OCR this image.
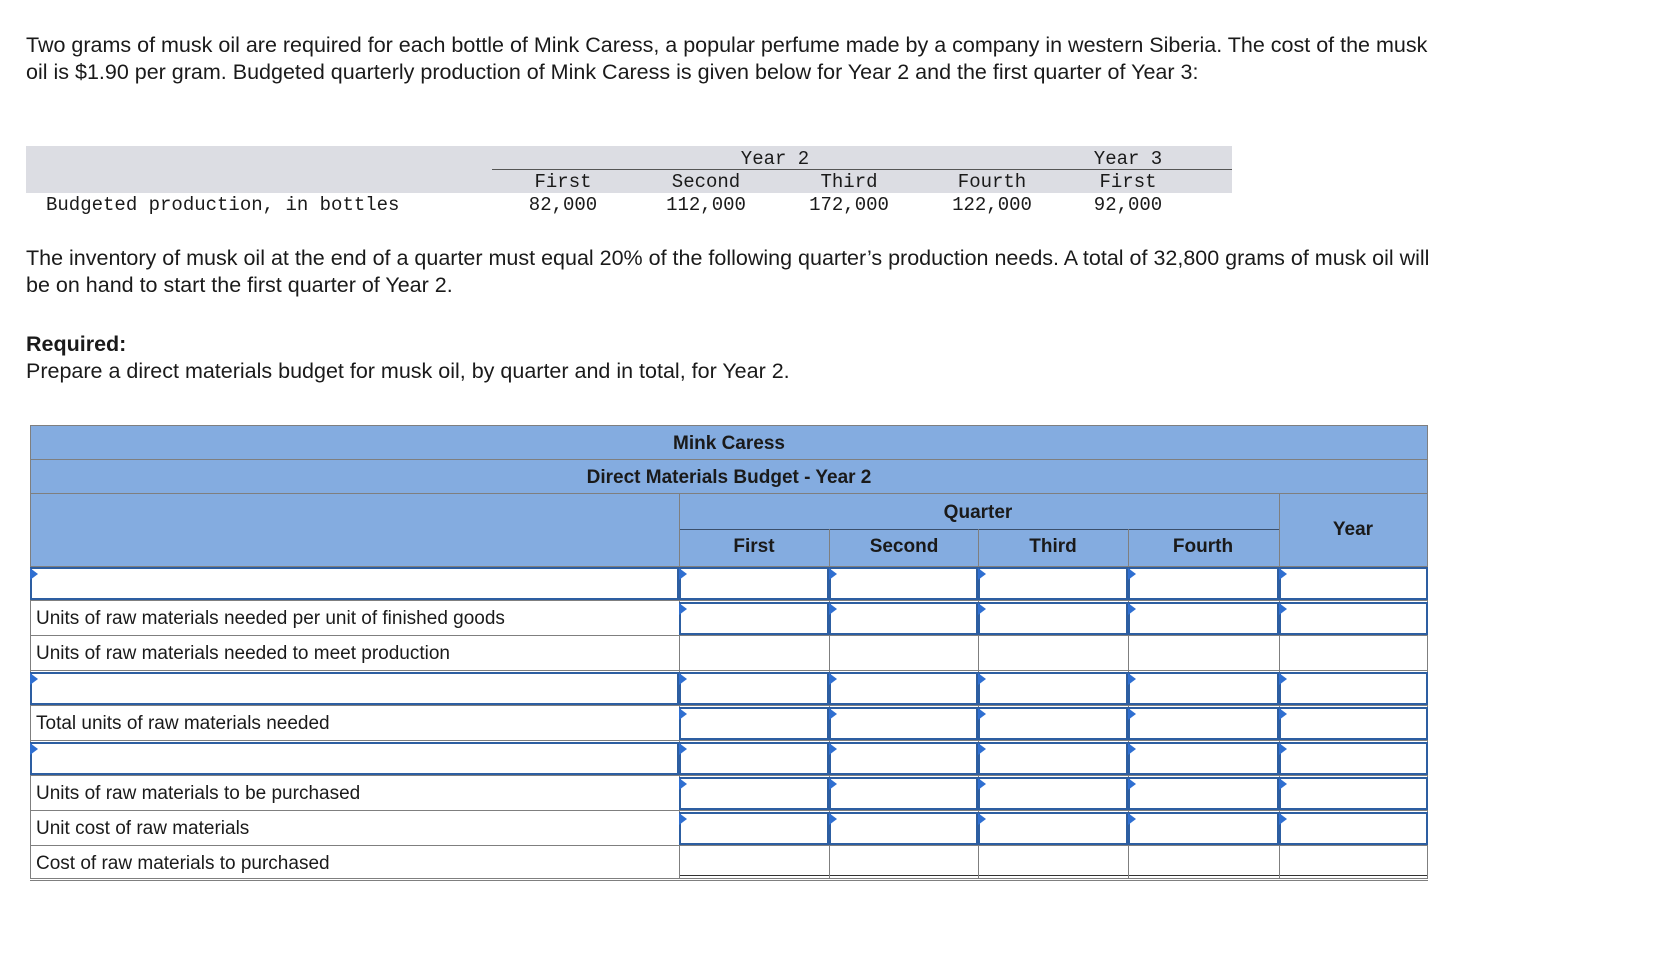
Two grams of musk oil are required for each bottle of Mink Caress, a popular perfume made by a company in western Siberia. The cost of the musk oil is $1.90 per gram. Budgeted quarterly production of Mink Caress is given below for Year 2 and the first quarter of Year 3:

Year 2	Year 3
First	Second	Third	Fourth	First
Budgeted production, in bottles	82,000	112,000	172,000	122,000	92,000

The inventory of musk oil at the end of a quarter must equal 20% of the following quarter’s production needs. A total of 32,800 grams of musk oil will be on hand to start the first quarter of Year 2.

Required:
Prepare a direct materials budget for musk oil, by quarter and in total, for Year 2.
Mink Caress
Direct Materials Budget - Year 2
Quarter
Year
First	Second	Third	Fourth
Units of raw materials needed per unit of finished goods
Units of raw materials needed to meet production
Total units of raw materials needed
Units of raw materials to be purchased
Unit cost of raw materials
Cost of raw materials to purchased
